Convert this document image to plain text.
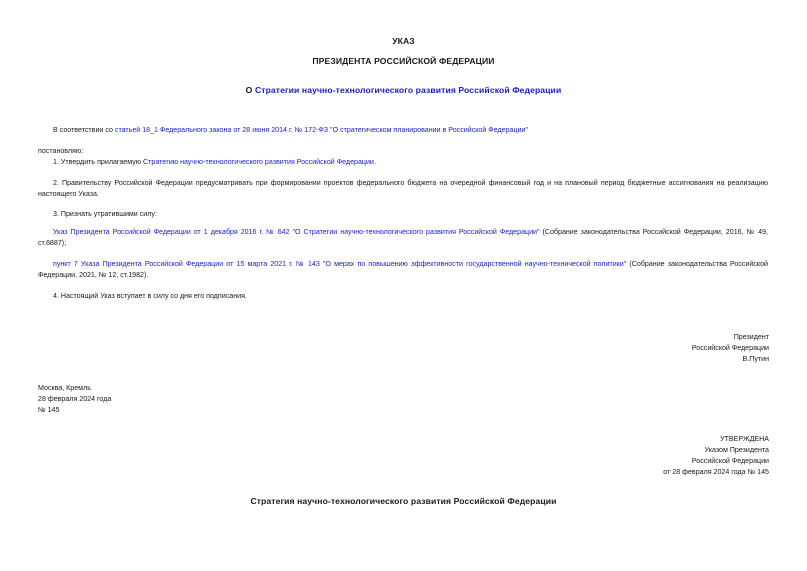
УКАЗ
ПРЕЗИДЕНТА РОССИЙСКОЙ ФЕДЕРАЦИИ
О Стратегии научно-технологического развития Российской Федерации
В соответствии со статьей 18_1 Федерального закона от 28 июня 2014 г. № 172-ФЗ "О стратегическом планировании в Российской Федерации"
постановляю:
1. Утвердить прилагаемую Стратегию научно-технологического развития Российской Федерации.
2. Правительству Российской Федерации предусматривать при формировании проектов федерального бюджета на очередной финансовый год и на плановый период бюджетные ассигнования на реализацию настоящего Указа.
3. Признать утратившими силу:
Указ Президента Российской Федерации от 1 декабря 2016 г. № 642 "О Стратегии научно-технологического развития Российской Федерации" (Собрание законодательства Российской Федерации, 2016, № 49, ст.6887);
пункт 7 Указа Президента Российской Федерации от 15 марта 2021 г. № 143 "О мерах по повышению эффективности государственной научно-технической политики" (Собрание законодательства Российской Федерации, 2021, № 12, ст.1982).
4. Настоящий Указ вступает в силу со дня его подписания.
Президент
Российской Федерации
В.Путин
Москва, Кремль
28 февраля 2024 года
№ 145
УТВЕРЖДЕНА
Указом Президента
Российской Федерации
от 28 февраля 2024 года № 145
Стратегия научно-технологического развития Российской Федерации
